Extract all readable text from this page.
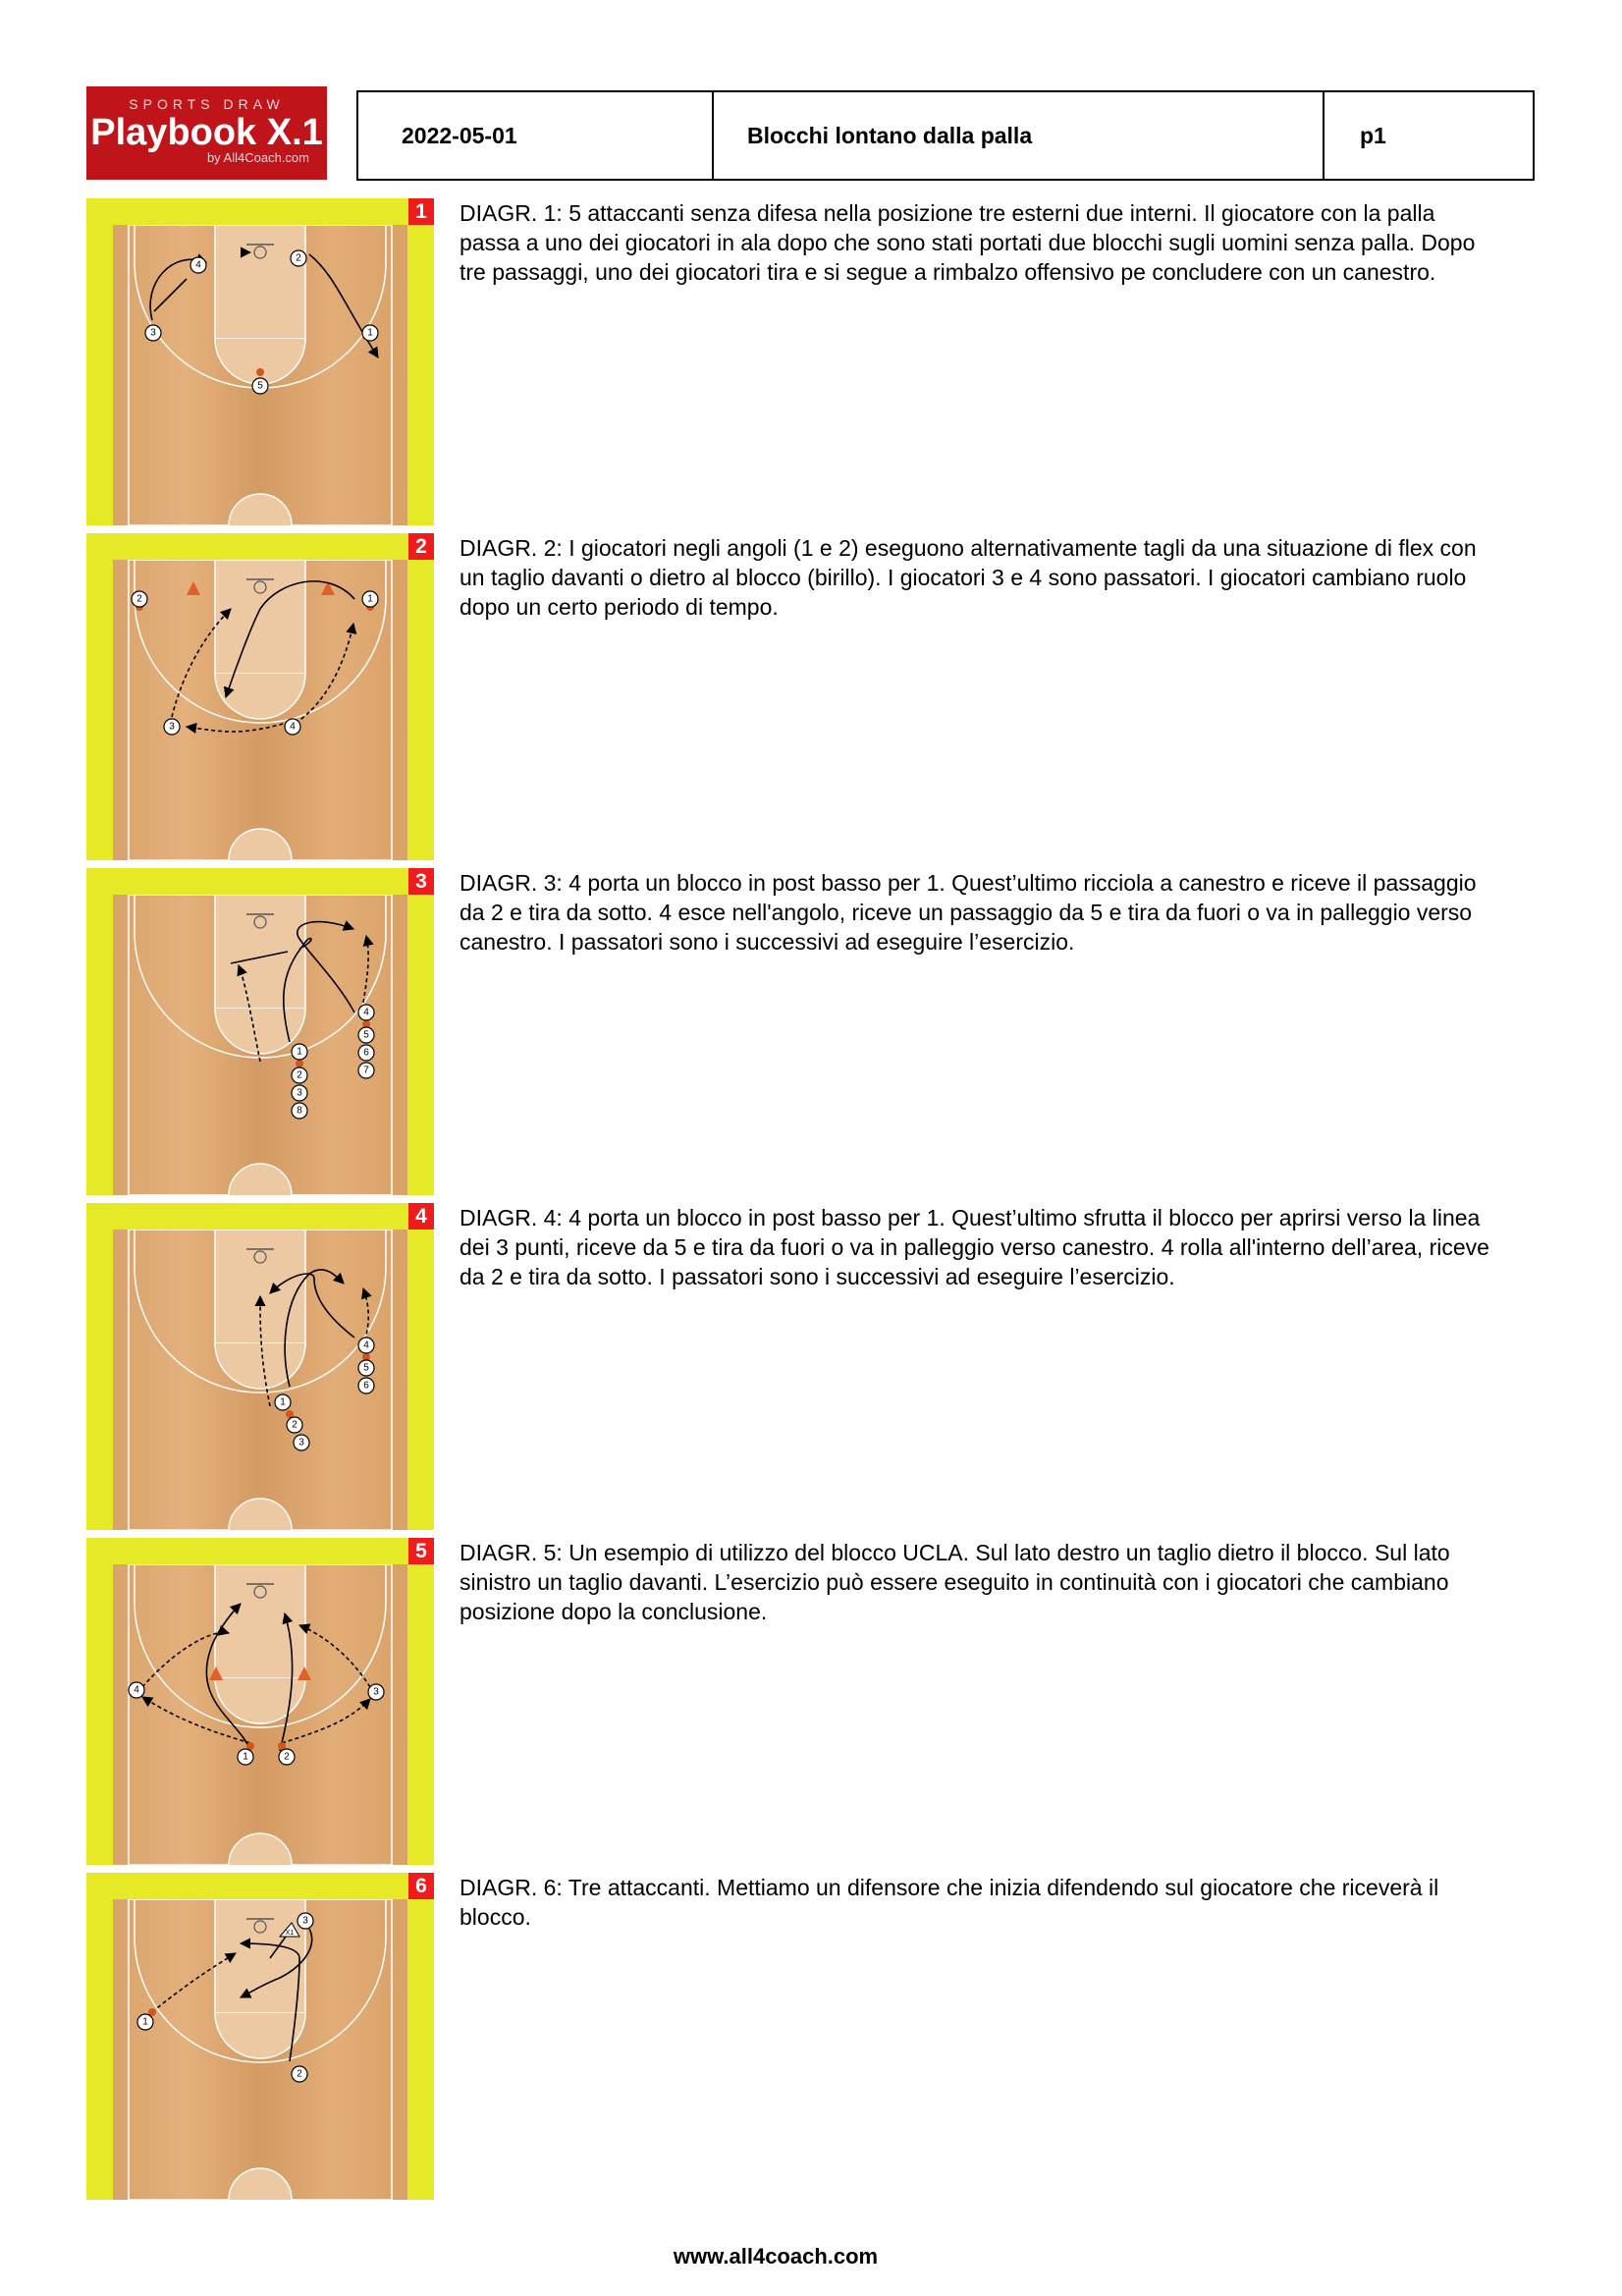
SPORTS DRAW
Playbook X.1
by All4Coach.com
2022-05-01	Blocchi lontano dalla palla	p1
4
2
3	1
5
1	DIAGR. 1: 5 attaccanti senza difesa nella posizione tre esterni due interni. Il giocatore con la palla passa a uno dei giocatori in ala dopo che sono stati portati due blocchi sugli uomini senza palla. Dopo tre passaggi, uno dei giocatori tira e si segue a rimbalzo offensivo pe concludere con un canestro.
2	1
3	4
2	DIAGR. 2: I giocatori negli angoli (1 e 2) eseguono alternativamente tagli da una situazione di flex con un taglio davanti o dietro al blocco (birillo). I giocatori 3 e 4 sono passatori. I giocatori cambiano ruolo dopo un certo periodo di tempo.
4
5
6
7
1
2
3
8
3	DIAGR. 3: 4 porta un blocco in post basso per 1. Quest’ultimo ricciola a canestro e riceve il passaggio da 2 e tira da sotto. 4 esce nell'angolo, riceve un passaggio da 5 e tira da fuori o va in palleggio verso canestro. I passatori sono i successivi ad eseguire l’esercizio.
4
5
6
1
2
3
4	DIAGR. 4: 4 porta un blocco in post basso per 1. Quest’ultimo sfrutta il blocco per aprirsi verso la linea dei 3 punti, riceve da 5 e tira da fuori o va in palleggio verso canestro. 4 rolla all'interno dell’area, riceve da 2 e tira da sotto. I passatori sono i successivi ad eseguire l’esercizio.
4	3
1	2
5	DIAGR. 5: Un esempio di utilizzo del blocco UCLA. Sul lato destro un taglio dietro il blocco. Sul lato sinistro un taglio davanti. L’esercizio può essere eseguito in continuità con i giocatori che cambiano posizione dopo la conclusione.
X1
3
1
2
6	DIAGR. 6: Tre attaccanti. Mettiamo un difensore che inizia difendendo sul giocatore che riceverà il blocco.
www.all4coach.com
